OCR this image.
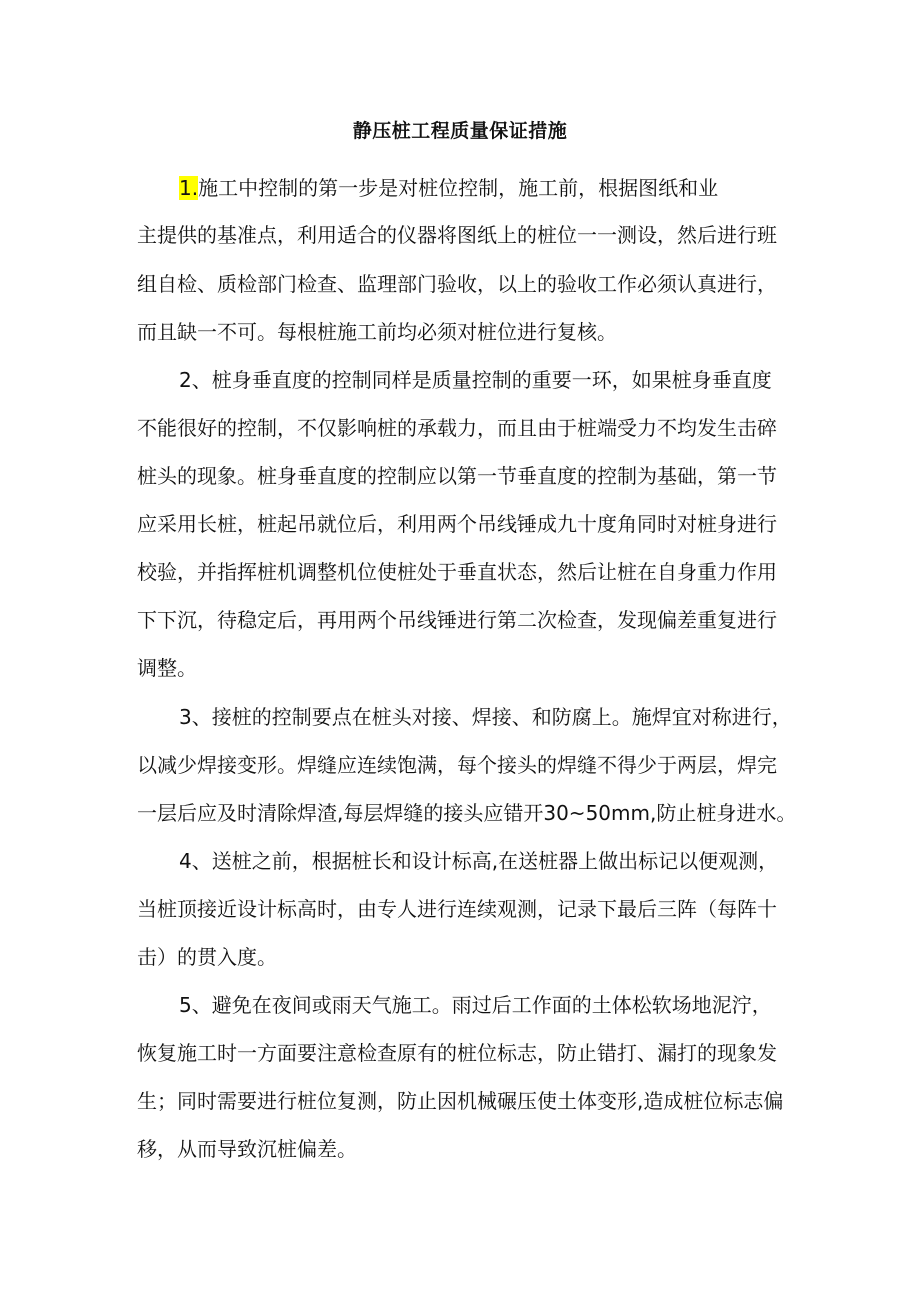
静压桩工程质量保证措施
1.施工中控制的第一步是对桩位控制，施工前，根据图纸和业
主提供的基准点，利用适合的仪器将图纸上的桩位一一测设，然后进行班
组自检、质检部门检查、监理部门验收，以上的验收工作必须认真进行，
而且缺一不可。每根桩施工前均必须对桩位进行复核。
2、桩身垂直度的控制同样是质量控制的重要一环，如果桩身垂直度
不能很好的控制，不仅影响桩的承载力，而且由于桩端受力不均发生击碎
桩头的现象。桩身垂直度的控制应以第一节垂直度的控制为基础，第一节
应采用长桩，桩起吊就位后，利用两个吊线锤成九十度角同时对桩身进行
校验，并指挥桩机调整机位使桩处于垂直状态，然后让桩在自身重力作用
下下沉，待稳定后，再用两个吊线锤进行第二次检查，发现偏差重复进行
调整。
3、接桩的控制要点在桩头对接、焊接、和防腐上。施焊宜对称进行，
以减少焊接变形。焊缝应连续饱满，每个接头的焊缝不得少于两层，焊完
一层后应及时清除焊渣,每层焊缝的接头应错开30~50mm,防止桩身进水。
4、送桩之前，根据桩长和设计标高,在送桩器上做出标记以便观测，
当桩顶接近设计标高时，由专人进行连续观测，记录下最后三阵（每阵十
击）的贯入度。
5、避免在夜间或雨天气施工。雨过后工作面的土体松软场地泥泞，
恢复施工时一方面要注意检查原有的桩位标志，防止错打、漏打的现象发
生；同时需要进行桩位复测，防止因机械碾压使土体变形,造成桩位标志偏
移，从而导致沉桩偏差。
